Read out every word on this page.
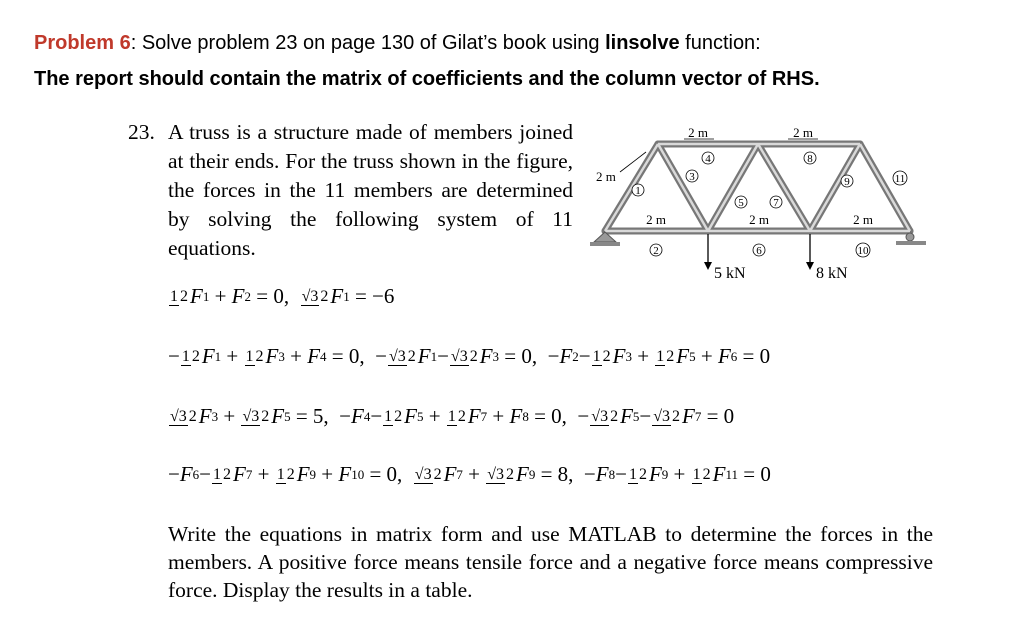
Problem 6: Solve problem 23 on page 130 of Gilat’s book using linsolve function:
The report should contain the matrix of coefficients and the column vector of RHS.
23. A truss is a structure made of members joined at their ends. For the truss shown in the figure, the forces in the 11 members are determined by solving the following system of 11 equations.
2 m	2 m
2 m
2 m	2 m	2 m
1
2
3
4
5
6
7
8
9
10
11
5 kN	8 kN
1 2 F 1 + F 2 = 0, √3 2 F 1 = −6
− 1 2 F 1 + 1 2 F 3 + F 4 = 0,  − √3 2 F 1 − √3 2 F 3 = 0,  − F 2 − 1 2 F 3 + 1 2 F 5 + F 6 = 0
√3 2 F 3 + √3 2 F 5 = 5,  − F 4 − 1 2 F 5 + 1 2 F 7 + F 8 = 0,  − √3 2 F 5 − √3 2 F 7 = 0
− F 6 − 1 2 F 7 + 1 2 F 9 + F 10 = 0, √3 2 F 7 + √3 2 F 9 = 8,  − F 8 − 1 2 F 9 + 1 2 F 11 = 0
Write the equations in matrix form and use MATLAB to determine the forces in the members. A positive force means tensile force and a negative force means compressive force. Display the results in a table.
